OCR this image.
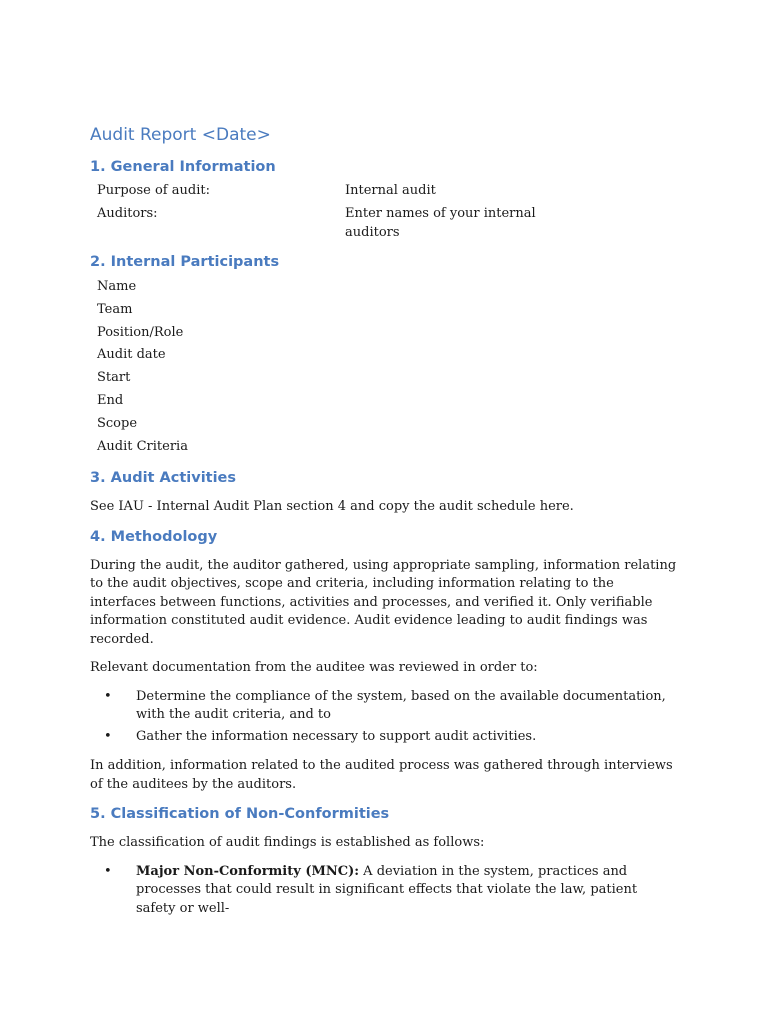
Audit Report <Date>
1. General Information
Purpose of audit:	Internal audit
Auditors:	Enter names of your internal auditors
2. Internal Participants
Name
Team
Position/Role
Audit date
Start
End
Scope
Audit Criteria
3. Audit Activities

See IAU - Internal Audit Plan section 4 and copy the audit schedule here.

4. Methodology

During the audit, the auditor gathered, using appropriate sampling, information relating to the audit objectives, scope and criteria, including information relating to the interfaces between functions, activities and processes, and verified it. Only verifiable information constituted audit evidence. Audit evidence leading to audit findings was recorded.

Relevant documentation from the auditee was reviewed in order to:

• Determine the compliance of the system, based on the available documentation, with the audit criteria, and to
• Gather the information necessary to support audit activities.

In addition, information related to the audited process was gathered through interviews of the auditees by the auditors.

5. Classification of Non-Conformities

The classification of audit findings is established as follows:

• Major Non-Conformity (MNC): A deviation in the system, practices and processes that could result in significant effects that violate the law, patient safety or well-
